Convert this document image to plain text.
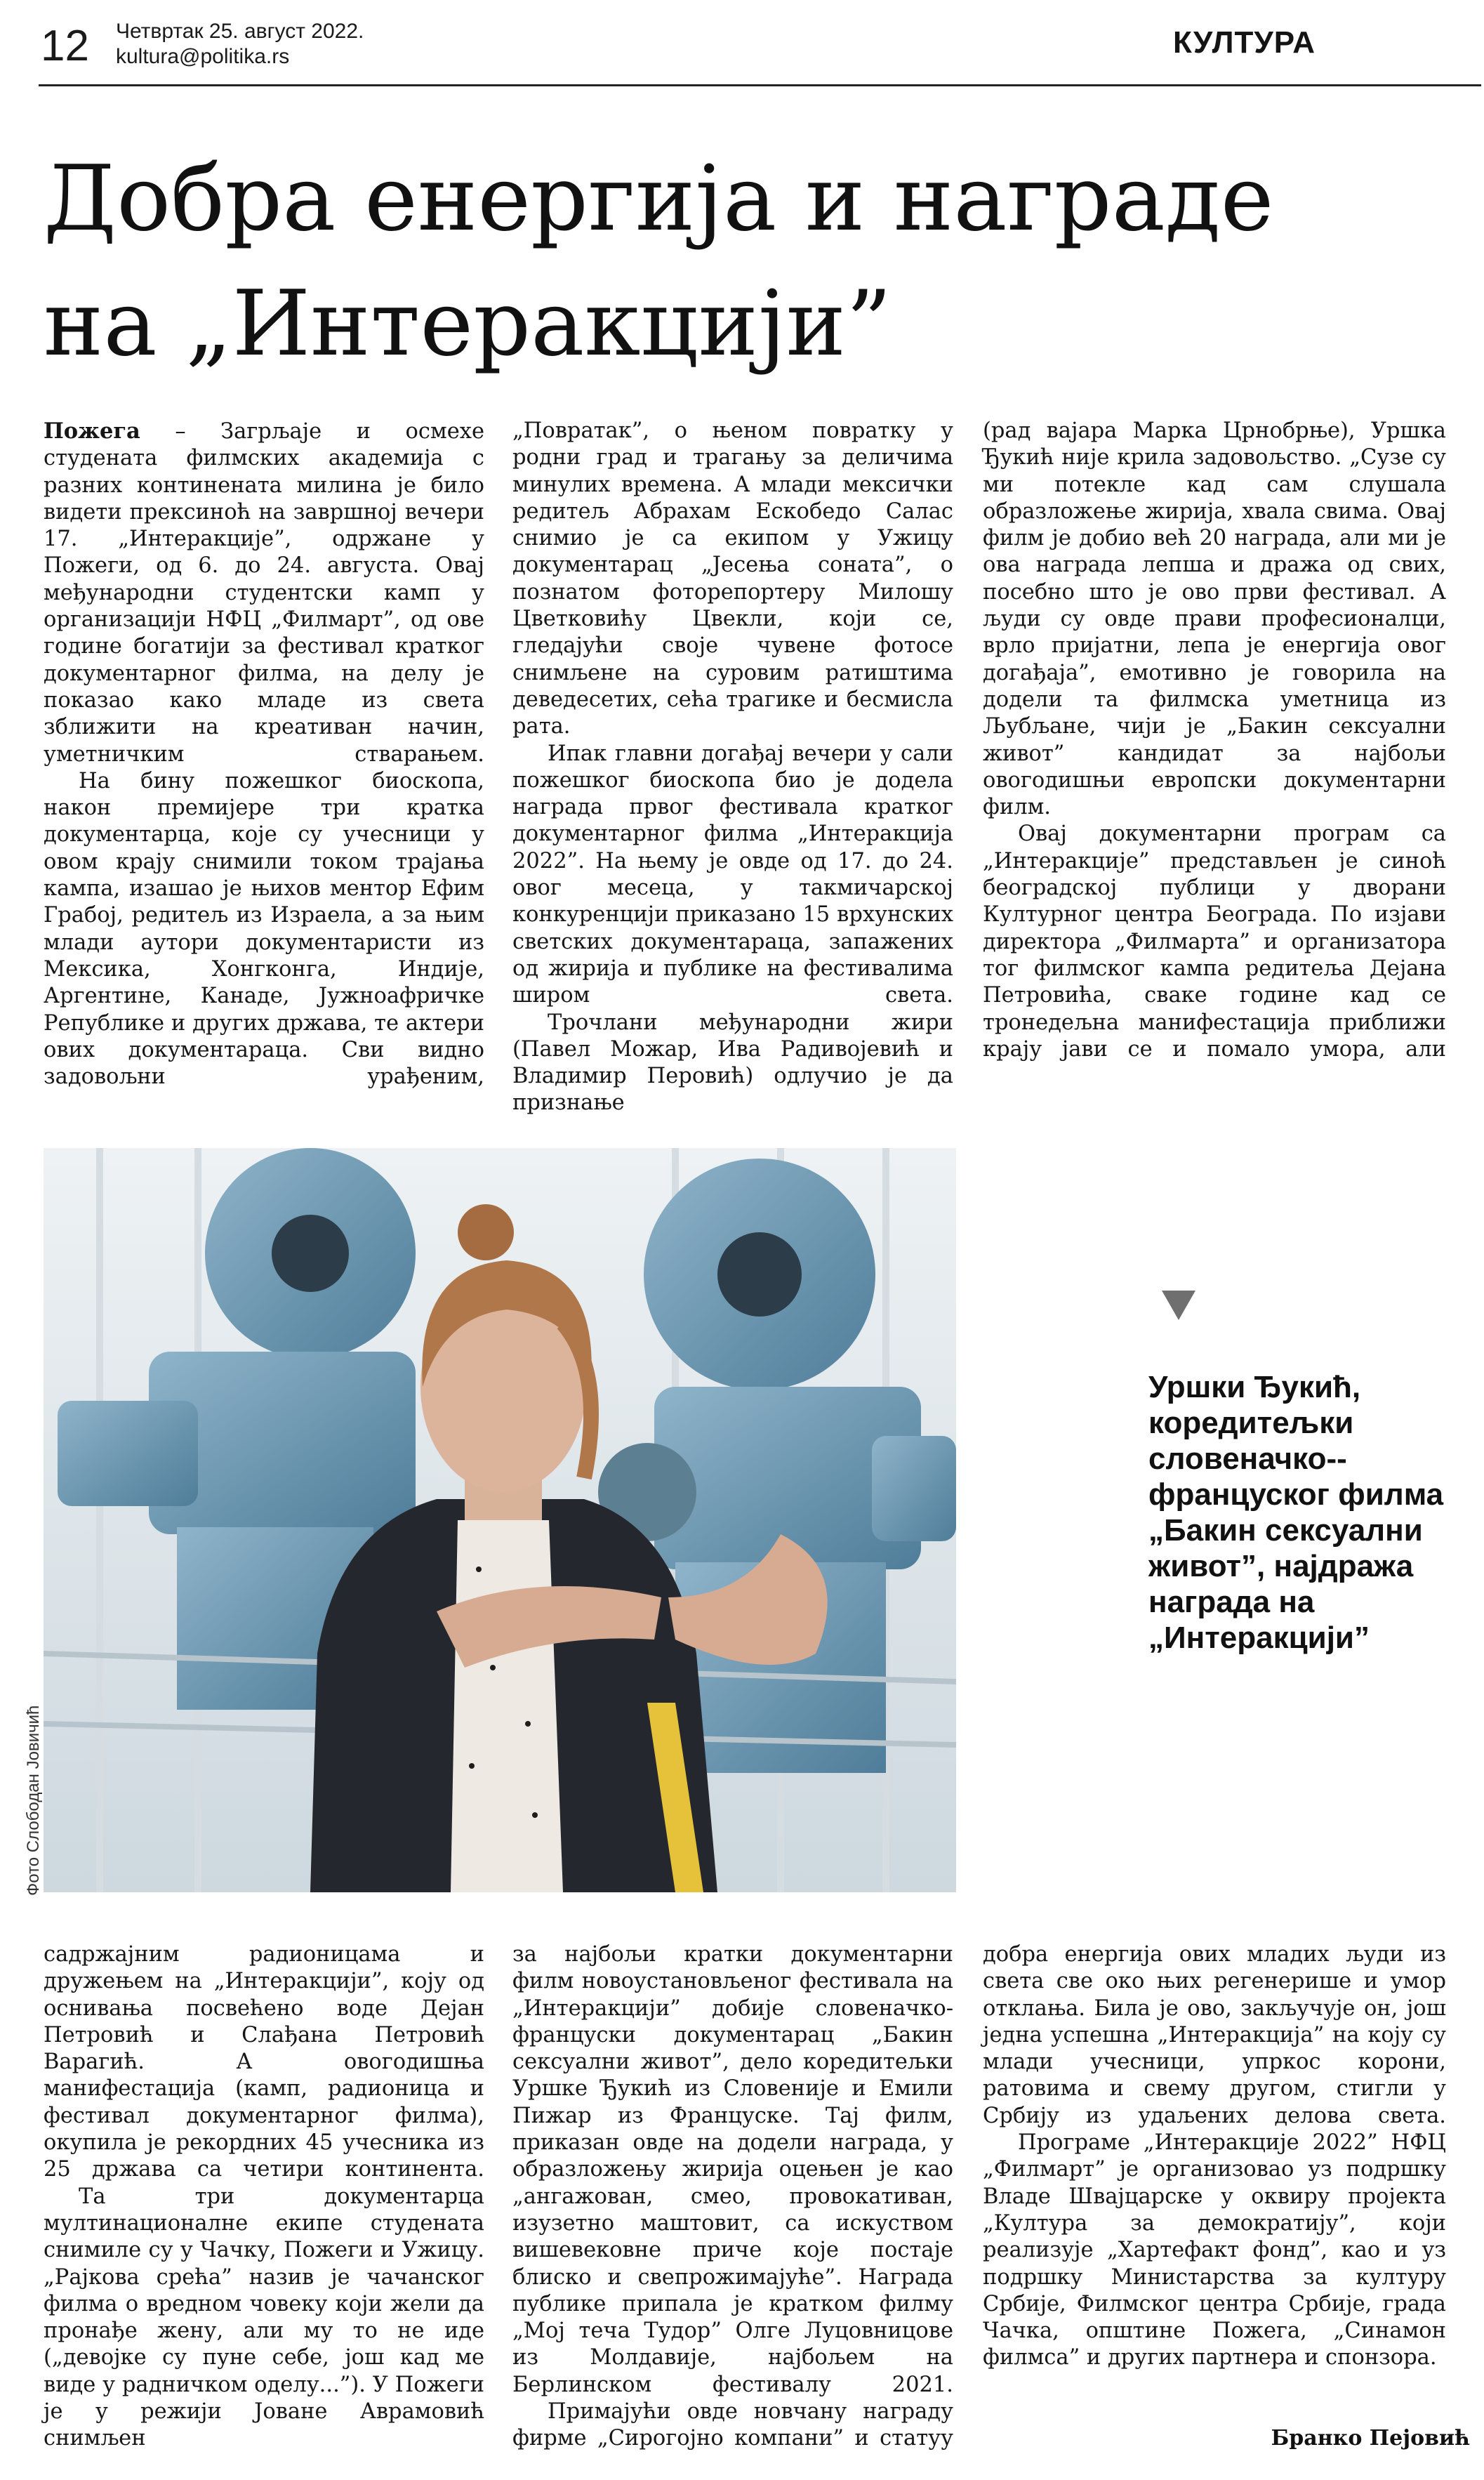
12 Четвртак 25. август 2022.
kultura@politika.rs	КУЛТУРА
Добра енергија и награде
на „Интеракцији”

Пожега – Загрљаје и осмехе студената филмских академија с разних континената милина је било видети прексиноћ на завршној вечери 17. „Интеракције”, одржане у Пожеги, од 6. до 24. августа. Овај међународни студентски камп у организацији НФЦ „Филмарт”, од ове године богатији за фестивал кратког документарног филма, на делу је показао како младе из света зближити на креативан начин, уметничким стварањем.

На бину пожешког биоскопа, након премијере три кратка документарца, које су учесници у овом крају снимили током трајања кампа, изашао је њихов ментор Ефим Грабој, редитељ из Израела, а за њим млади аутори документаристи из Мексика, Хонгконга, Индије, Аргентине, Канаде, Јужноафричке Републике и других држава, те актери ових документараца. Сви видно задовољни урађеним,

„Повратак”, о њеном повратку у родни град и трагању за деличима минулих времена. А млади мексички редитељ Абрахам Ескобедо Салас снимио је са екипом у Ужицу документарац „Јесења соната”, о познатом фоторепортеру Милошу Цветковићу Цвекли, који се, гледајући своје чувене фотосе снимљене на суровим ратиштима деведесетих, сећа трагике и бесмисла рата.

Ипак главни догађај вечери у сали пожешког биоскопа био је додела награда првог фестивала кратког документарног филма „Интеракција 2022”. На њему је овде од 17. до 24. овог месеца, у такмичарској конкуренцији приказано 15 врхунских светских документараца, запажених од жирија и публике на фестивалима широм света.

Трочлани међународни жири (Павел Можар, Ива Радивојевић и Владимир Перовић) одлучио је да признање

(рад вајара Марка Црнобрње), Уршка Ђукић није крила задовољство. „Сузе су ми потекле кад сам слушала образложење жирија, хвала свима. Овај филм је добио већ 20 награда, али ми је ова награда лепша и дража од свих, посебно што је ово први фестивал. А људи су овде прави професионалци, врло пријатни, лепа је енергија овог догађаја”, емотивно је говорила на додели та филмска уметница из Љубљане, чији је „Бакин сексуални живот” кандидат за најбољи овогодишњи европски документарни филм.

Овај документарни програм са „Интеракције” представљен је синоћ београдској публици у дворани Културног центра Београда. По изјави директора „Филмарта” и организатора тог филмског кампа редитеља Дејана Петровића, сваке године кад се тронедељна манифестација приближи крају јави се и помало умора, али

Фото Слободан Јовичић
Уршки Ђукић, коредитељки словеначко--француског филма „Бакин сексуални живот”, најдража награда на „Интеракцији”

садржајним радионицама и дружењем на „Интеракцији”, коју од оснивања посвећено воде Дејан Петровић и Слађана Петровић Варагић. А овогодишња манифестација (камп, радионица и фестивал документарног филма), окупила је рекордних 45 учесника из 25 држава са четири континента.

Та три документарца мултинационалне екипе студената снимиле су у Чачку, Пожеги и Ужицу. „Рајкова срећа” назив је чачанског филма о вредном човеку који жели да пронађе жену, али му то не иде („девојке су пуне себе, још кад ме виде у радничком оделу...”). У Пожеги је у режији Јоване Аврамовић снимљен

за најбољи кратки документарни филм новоустановљеног фестивала на „Интеракцији” добије словеначко-француски документарац „Бакин сексуални живот”, дело коредитељки Уршке Ђукић из Словеније и Емили Пижар из Француске. Тај филм, приказан овде на додели награда, у образложењу жирија оцењен је као „ангажован, смео, провокативан, изузетно маштовит, са искуством вишевековне приче које постаје блиско и свепрожимајуће”. Награда публике припала је кратком филму „Мој теча Тудор” Олге Луцовницове из Молдавије, најбољем на Берлинском фестивалу 2021.

Примајући овде новчану награду фирме „Сирогојно компани” и статуу

добра енергија ових младих људи из света све око њих регенерише и умор отклања. Била је ово, закључује он, још једна успешна „Интеракција” на коју су млади учесници, упркос корони, ратовима и свему другом, стигли у Србију из удаљених делова света.

Програме „Интеракције 2022” НФЦ „Филмарт” је организовао уз подршку Владе Швајцарске у оквиру пројекта „Култура за демократију”, који реализује „Хартефакт фонд”, као и уз подршку Министарства за културу Србије, Филмског центра Србије, града Чачка, општине Пожега, „Синамон филмса” и других партнера и спонзора.

Бранко Пејовић
